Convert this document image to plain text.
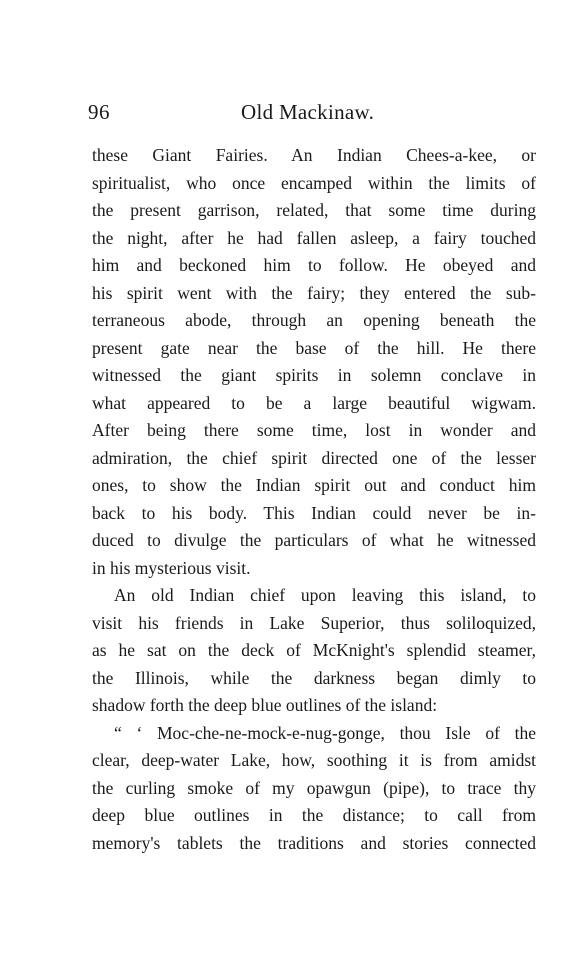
96	Old Mackinaw.
these Giant Fairies. An Indian Chees-a-kee, or
spiritualist, who once encamped within the limits of
the present garrison, related, that some time during
the night, after he had fallen asleep, a fairy touched
him and beckoned him to follow. He obeyed and
his spirit went with the fairy; they entered the sub-
terraneous abode, through an opening beneath the
present gate near the base of the hill. He there
witnessed the giant spirits in solemn conclave in
what appeared to be a large beautiful wigwam.
After being there some time, lost in wonder and
admiration, the chief spirit directed one of the lesser
ones, to show the Indian spirit out and conduct him
back to his body. This Indian could never be in-
duced to divulge the particulars of what he witnessed
in his mysterious visit.
An old Indian chief upon leaving this island, to
visit his friends in Lake Superior, thus soliloquized,
as he sat on the deck of McKnight's splendid steamer,
the Illinois, while the darkness began dimly to
shadow forth the deep blue outlines of the island:
“ ‘ Moc-che-ne-mock-e-nug-gonge, thou Isle of the
clear, deep-water Lake, how, soothing it is from amidst
the curling smoke of my opawgun (pipe), to trace thy
deep blue outlines in the distance; to call from
memory's tablets the traditions and stories connected
